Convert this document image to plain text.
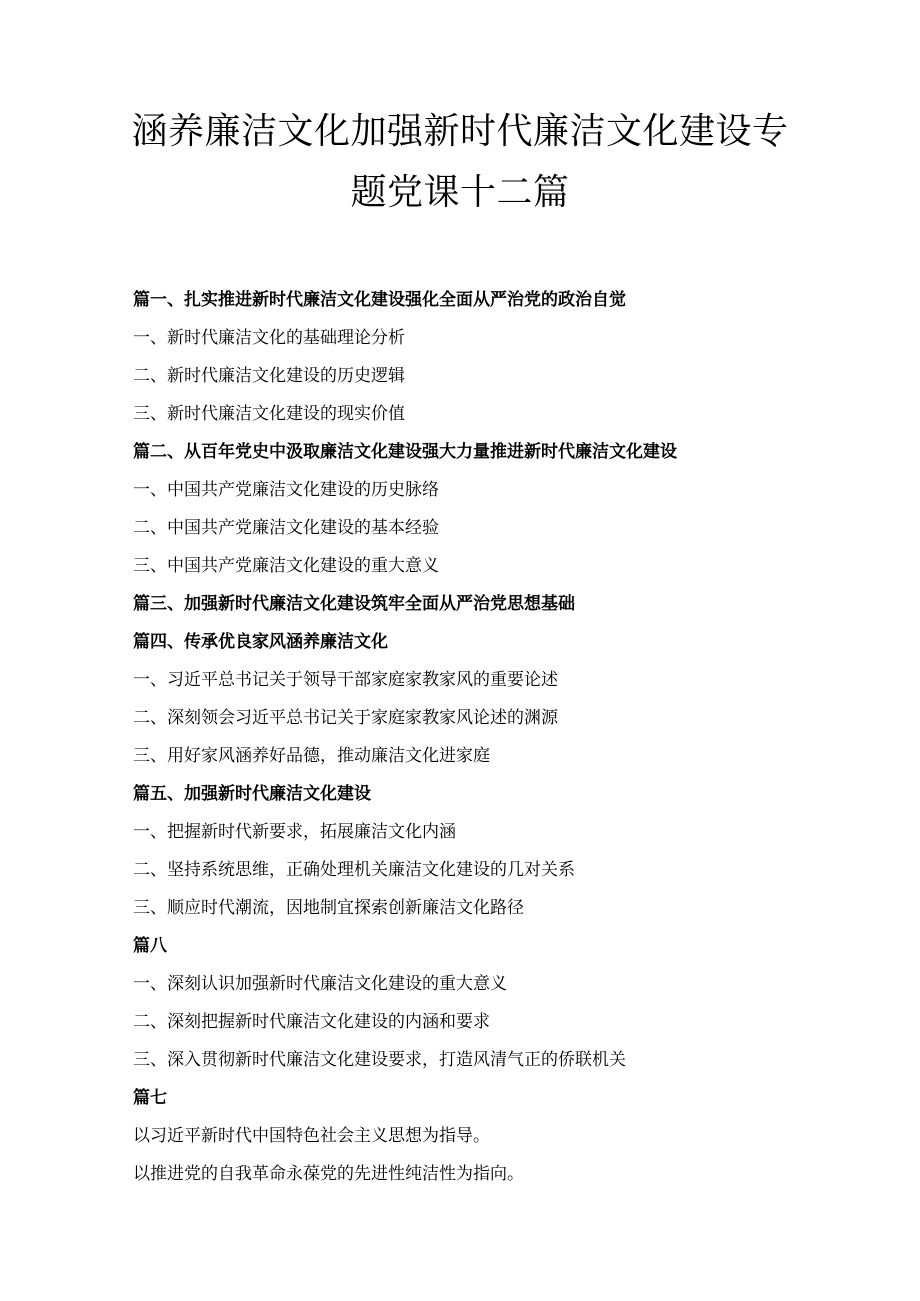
涵养廉洁文化加强新时代廉洁文化建设专
题党课十二篇
篇一、扎实推进新时代廉洁文化建设强化全面从严治党的政治自觉
一、新时代廉洁文化的基础理论分析
二、新时代廉洁文化建设的历史逻辑
三、新时代廉洁文化建设的现实价值
篇二、从百年党史中汲取廉洁文化建设强大力量推进新时代廉洁文化建设
一、中国共产党廉洁文化建设的历史脉络
二、中国共产党廉洁文化建设的基本经验
三、中国共产党廉洁文化建设的重大意义
篇三、加强新时代廉洁文化建设筑牢全面从严治党思想基础
篇四、传承优良家风涵养廉洁文化
一、习近平总书记关于领导干部家庭家教家风的重要论述
二、深刻领会习近平总书记关于家庭家教家风论述的渊源
三、用好家风涵养好品德，推动廉洁文化进家庭
篇五、加强新时代廉洁文化建设
一、把握新时代新要求，拓展廉洁文化内涵
二、坚持系统思维，正确处理机关廉洁文化建设的几对关系
三、顺应时代潮流，因地制宜探索创新廉洁文化路径
篇八
一、深刻认识加强新时代廉洁文化建设的重大意义
二、深刻把握新时代廉洁文化建设的内涵和要求
三、深入贯彻新时代廉洁文化建设要求，打造风清气正的侨联机关
篇七
以习近平新时代中国特色社会主义思想为指导。
以推进党的自我革命永葆党的先进性纯洁性为指向。
